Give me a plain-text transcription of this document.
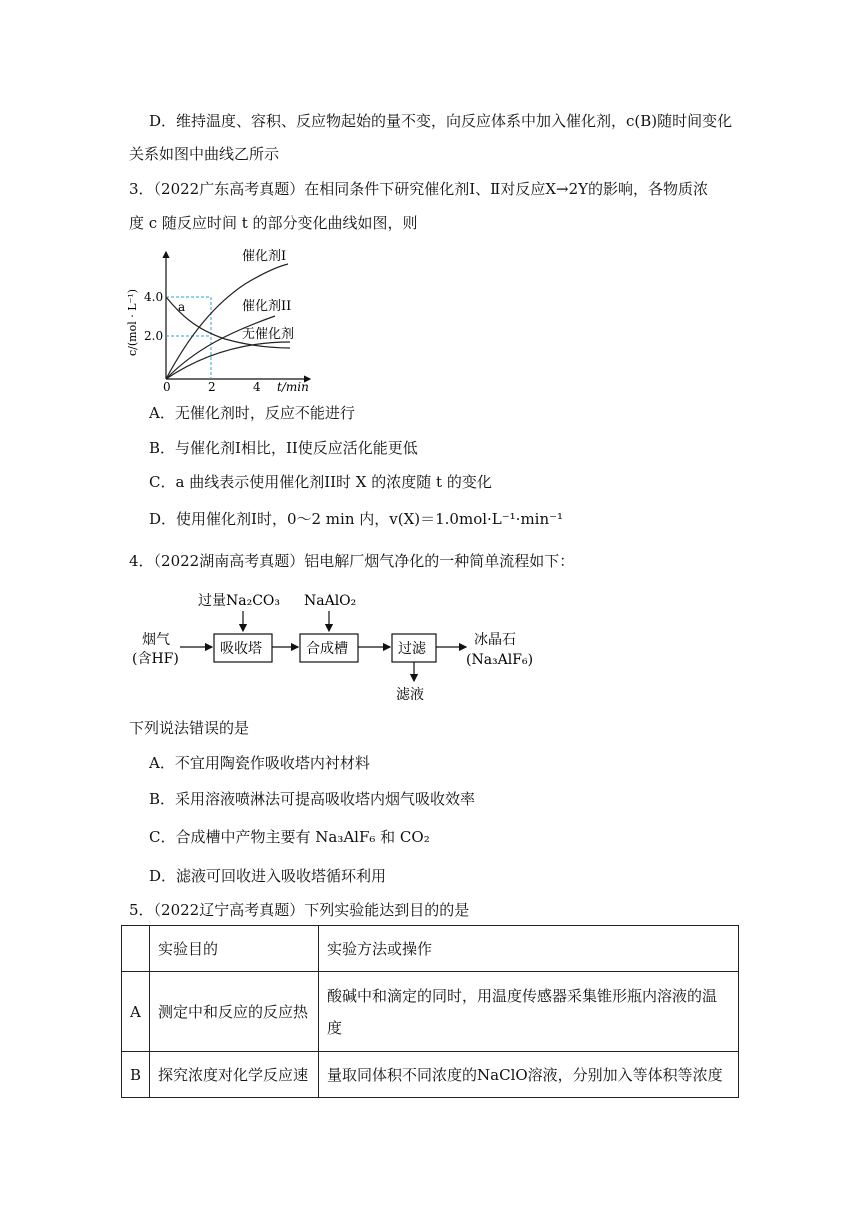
D．维持温度、容积、反应物起始的量不变，向反应体系中加入催化剂，c(B)随时间变化
关系如图中曲线乙所示
3．（2022广东高考真题）在相同条件下研究催化剂Ⅰ、Ⅱ对反应X→2Y的影响，各物质浓
度 c 随反应时间 t 的部分变化曲线如图，则
4.0
2.0
0	2	4 t/min
c/(mol · L⁻¹)	a
催化剂I
催化剂II
无催化剂
A．无催化剂时，反应不能进行
B．与催化剂I相比，II使反应活化能更低
C．a 曲线表示使用催化剂II时 X 的浓度随 t 的变化
D．使用催化剂I时，0～2 min 内，v(X)＝1.0mol·L⁻¹·min⁻¹
4．（2022湖南高考真题）铝电解厂烟气净化的一种简单流程如下：
烟气
(含HF)
吸收塔
过量Na₂CO₃
合成槽
NaAlO₂
过滤
滤液
冰晶石
(Na₃AlF₆)
下列说法错误的是
A．不宜用陶瓷作吸收塔内衬材料
B．采用溶液喷淋法可提高吸收塔内烟气吸收效率
C．合成槽中产物主要有 Na₃AlF₆ 和 CO₂
D．滤液可回收进入吸收塔循环利用
5．（2022辽宁高考真题）下列实验能达到目的的是
	实验目的	实验方法或操作
A	测定中和反应的反应热	酸碱中和滴定的同时，用温度传感器采集锥形瓶内溶液的温
度

B	探究浓度对化学反应速	量取同体积不同浓度的NaClO溶液，分别加入等体积等浓度
